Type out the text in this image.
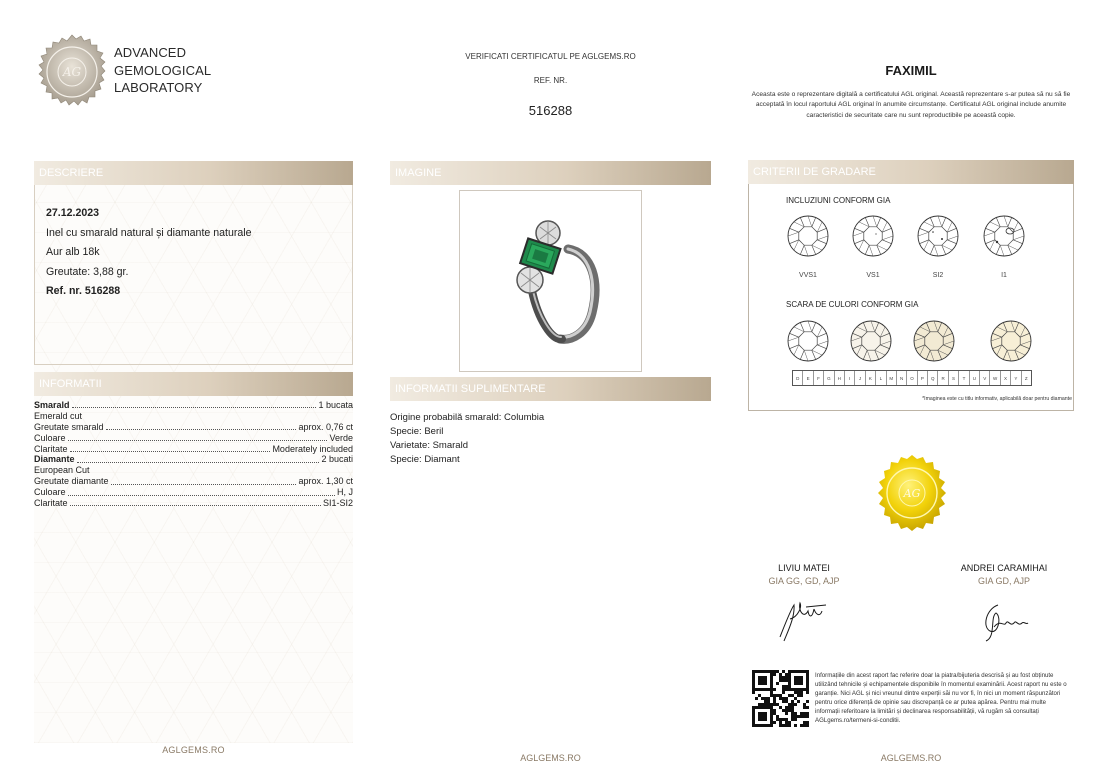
AG
ADVANCED
GEMOLOGICAL
LABORATORY
VERIFICATI CERTIFICATUL PE AGLGEMS.RO
REF. NR.
516288
FAXIMIL
Aceasta este o reprezentare digitală a certificatului AGL original. Această reprezentare s-ar putea să nu să fie acceptată în locul raportului AGL original în anumite circumstanțe. Certificatul AGL original include anumite caracteristici de securitate care nu sunt reproductibile pe această copie.
DESCRIERE
27.12.2023
Inel cu smarald natural și diamante naturale
Aur alb 18k
Greutate: 3,88 gr.
Ref. nr. 516288
INFORMATII
Smarald	1 bucata
Emerald cut
Greutate smarald	aprox. 0,76 ct
Culoare	Verde
Claritate	Moderately included
Diamante	2 bucati
European Cut
Greutate diamante	aprox. 1,30 ct
Culoare	H, J
Claritate	SI1-SI2
AGLGEMS.RO
IMAGINE
INFORMATII SUPLIMENTARE
Origine probabilă smarald: Columbia
Specie: Beril
Varietate: Smarald
Specie: Diamant
AGLGEMS.RO
CRITERII DE GRADARE
INCLUZIUNI CONFORM GIA
SCARA DE CULORI CONFORM GIA
D	E	F	G	H	I	J	K	L	M	N	O	P	Q	R	S	T	U	V	W	X	Y	Z
*Imaginea este cu titlu informativ, aplicabilă doar pentru diamante
AG
LIVIU MATEI
GIA GG, GD, AJP
ANDREI CARAMIHAI
GIA GD, AJP
Informațiile din acest raport fac referire doar la piatra/bijuteria descrisă și au fost obținute utilizând tehnicile și echipamentele disponibile în momentul examinării. Acest raport nu este o garanție. Nici AGL și nici vreunul dintre experții săi nu vor fi, în nici un moment răspunzători pentru orice diferență de opinie sau discrepanță ce ar putea apărea. Pentru mai multe informații referitoare la limitări și declinarea responsabilității, vă rugăm să consultați AGLgems.ro/termeni-si-conditii.
AGLGEMS.RO
VVS1	VS1	SI2	I1
